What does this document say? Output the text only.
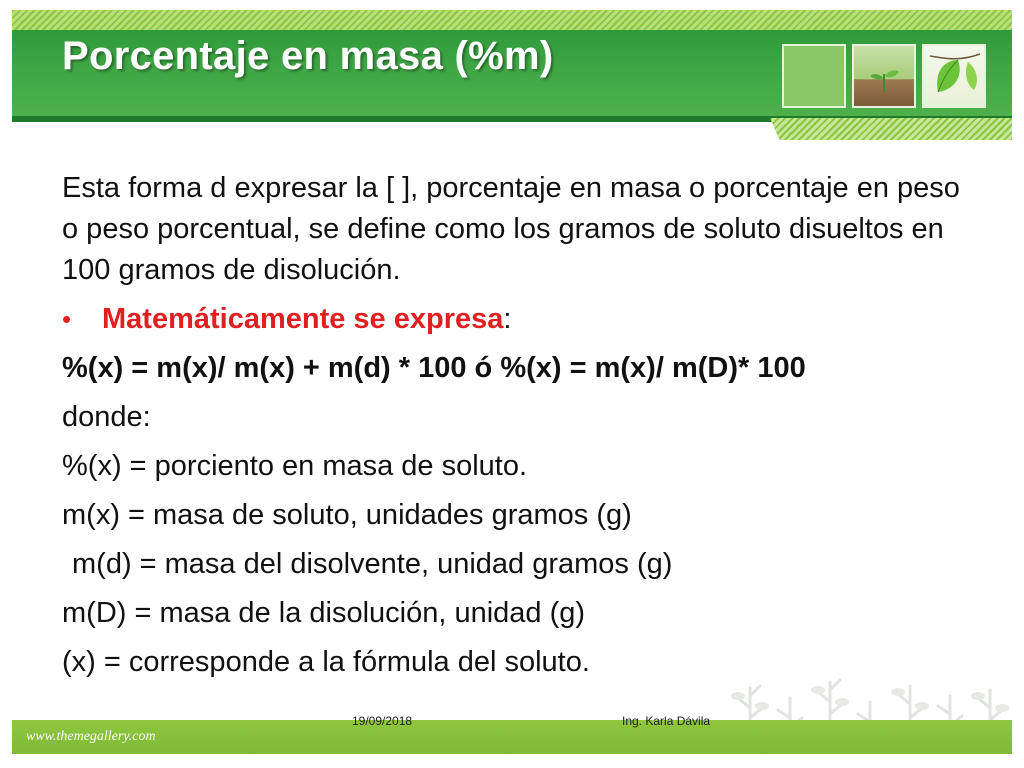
Porcentaje en masa (%m)

Esta forma d expresar la [ ], porcentaje en masa o porcentaje en peso o peso porcentual, se define como los gramos de soluto disueltos en 100 gramos de disolución.

•	Matemáticamente se expresa :

%(x) = m(x)/ m(x) + m(d) * 100 ó %(x) = m(x)/ m(D)* 100

donde:

%(x) = porciento en masa de soluto.

m(x) = masa de soluto, unidades gramos (g)

m(d) = masa del disolvente, unidad gramos (g)

m(D) = masa de la disolución, unidad (g)

(x) = corresponde a la fórmula del soluto.

www.themegallery.com
19/09/2018	Ing. Karla Dávila
